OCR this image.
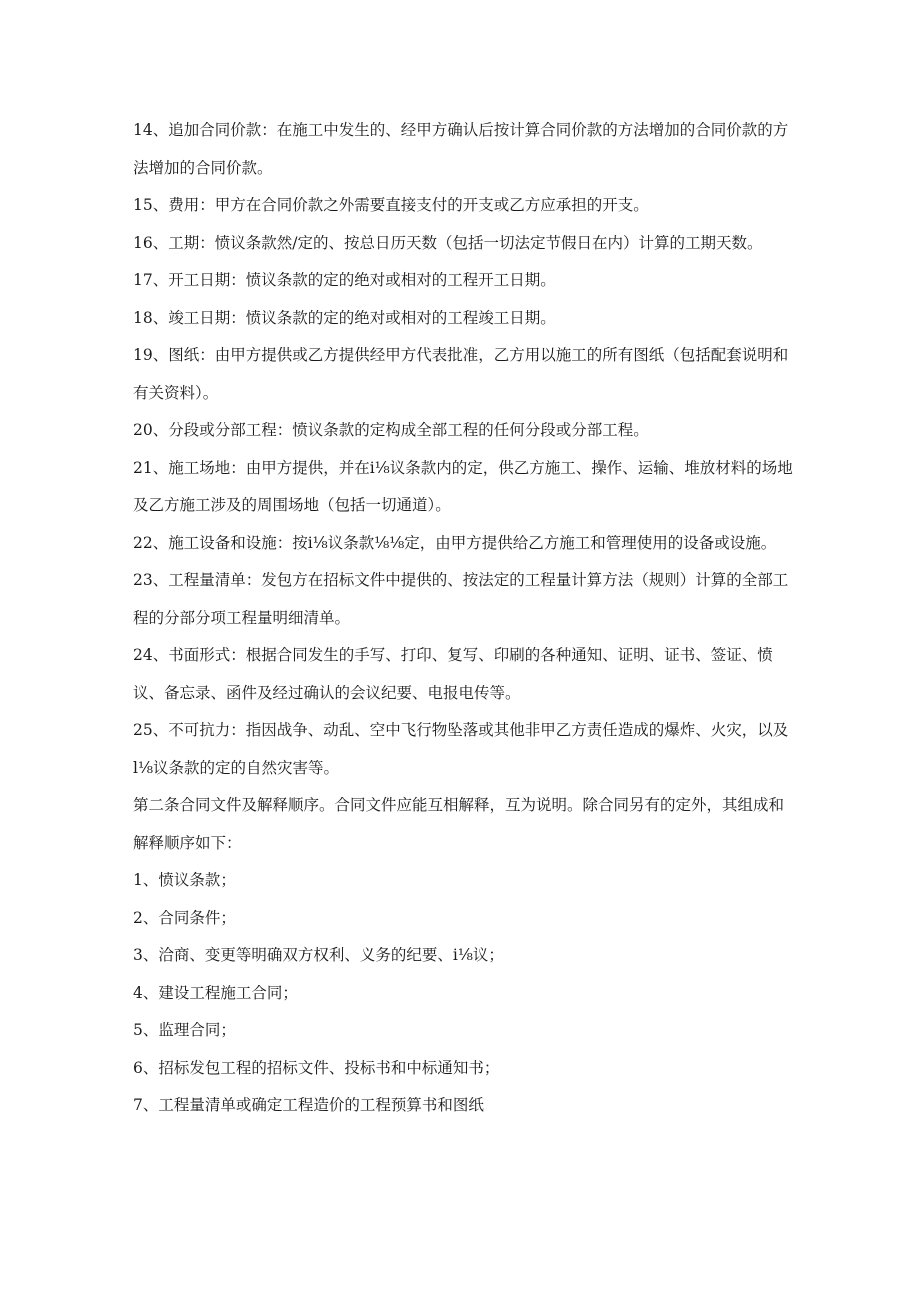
14、追加合同价款：在施工中发生的、经甲方确认后按计算合同价款的方法增加的合同价款的方法增加的合同价款。

15、费用：甲方在合同价款之外需要直接支付的开支或乙方应承担的开支。

16、工期：愤议条款然/定的、按总日历天数（包括一切法定节假日在内）计算的工期天数。

17、开工日期：愤议条款的定的绝对或相对的工程开工日期。

18、竣工日期：愤议条款的定的绝对或相对的工程竣工日期。

19、图纸：由甲方提供或乙方提供经甲方代表批准，乙方用以施工的所有图纸（包括配套说明和有关资料）。

20、分段或分部工程：愤议条款的定构成全部工程的任何分段或分部工程。

21、施工场地：由甲方提供，并在i⅛议条款内的定，供乙方施工、操作、运输、堆放材料的场地及乙方施工涉及的周围场地（包括一切通道）。

22、施工设备和设施：按i⅛议条款⅛⅛定，由甲方提供给乙方施工和管理使用的设备或设施。

23、工程量清单：发包方在招标文件中提供的、按法定的工程量计算方法（规则）计算的全部工程的分部分项工程量明细清单。

24、书面形式：根据合同发生的手写、打印、复写、印刷的各种通知、证明、证书、签证、愤议、备忘录、函件及经过确认的会议纪要、电报电传等。

25、不可抗力：指因战争、动乱、空中飞行物坠落或其他非甲乙方责任造成的爆炸、火灾，以及l⅛议条款的定的自然灾害等。

第二条合同文件及解释顺序。合同文件应能互相解释，互为说明。除合同另有的定外，其组成和解释顺序如下：

1、愤议条款；

2、合同条件；

3、洽商、变更等明确双方权利、义务的纪要、i⅛议；

4、建设工程施工合同；

5、监理合同；

6、招标发包工程的招标文件、投标书和中标通知书；

7、工程量清单或确定工程造价的工程预算书和图纸
